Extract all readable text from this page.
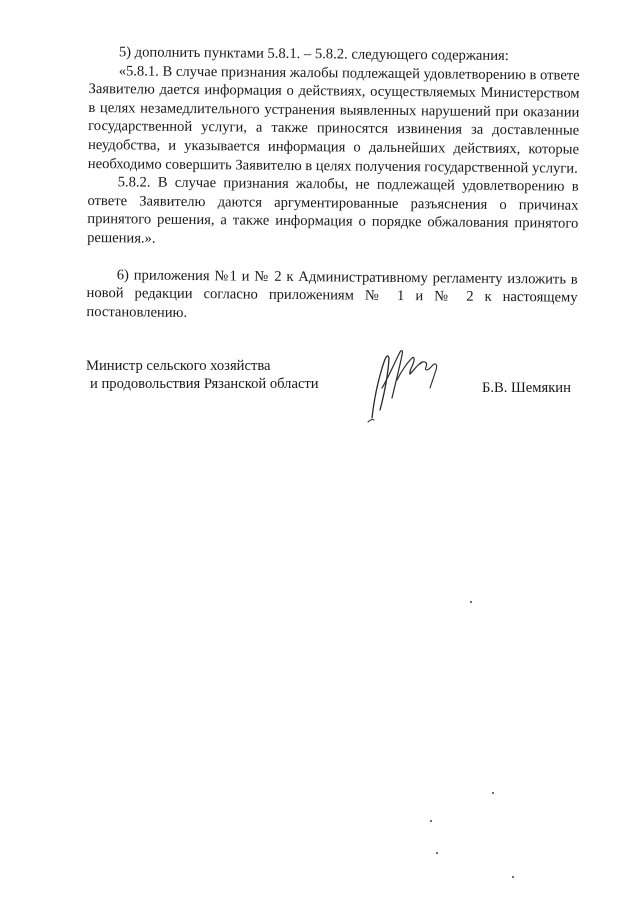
5) дополнить пунктами 5.8.1. – 5.8.2. следующего содержания:

«5.8.1. В случае признания жалобы подлежащей удовлетворению в ответе Заявителю дается информация о действиях, осуществляемых Министерством в целях незамедлительного устранения выявленных нарушений при оказании государственной услуги, а также приносятся извинения за доставленные неудобства, и указывается информация о дальнейших действиях, которые необходимо совершить Заявителю в целях получения государственной услуги.

5.8.2. В случае признания жалобы, не подлежащей удовлетворению в ответе Заявителю даются аргументированные разъяснения о причинах принятого решения, а также информация о порядке обжалования принятого решения.».

6) приложения №1 и № 2 к Административному регламенту изложить в новой редакции согласно приложениям № 1 и № 2 к настоящему постановлению.

Министр сельского хозяйства
и продовольствия Рязанской области	Б.В. Шемякин
